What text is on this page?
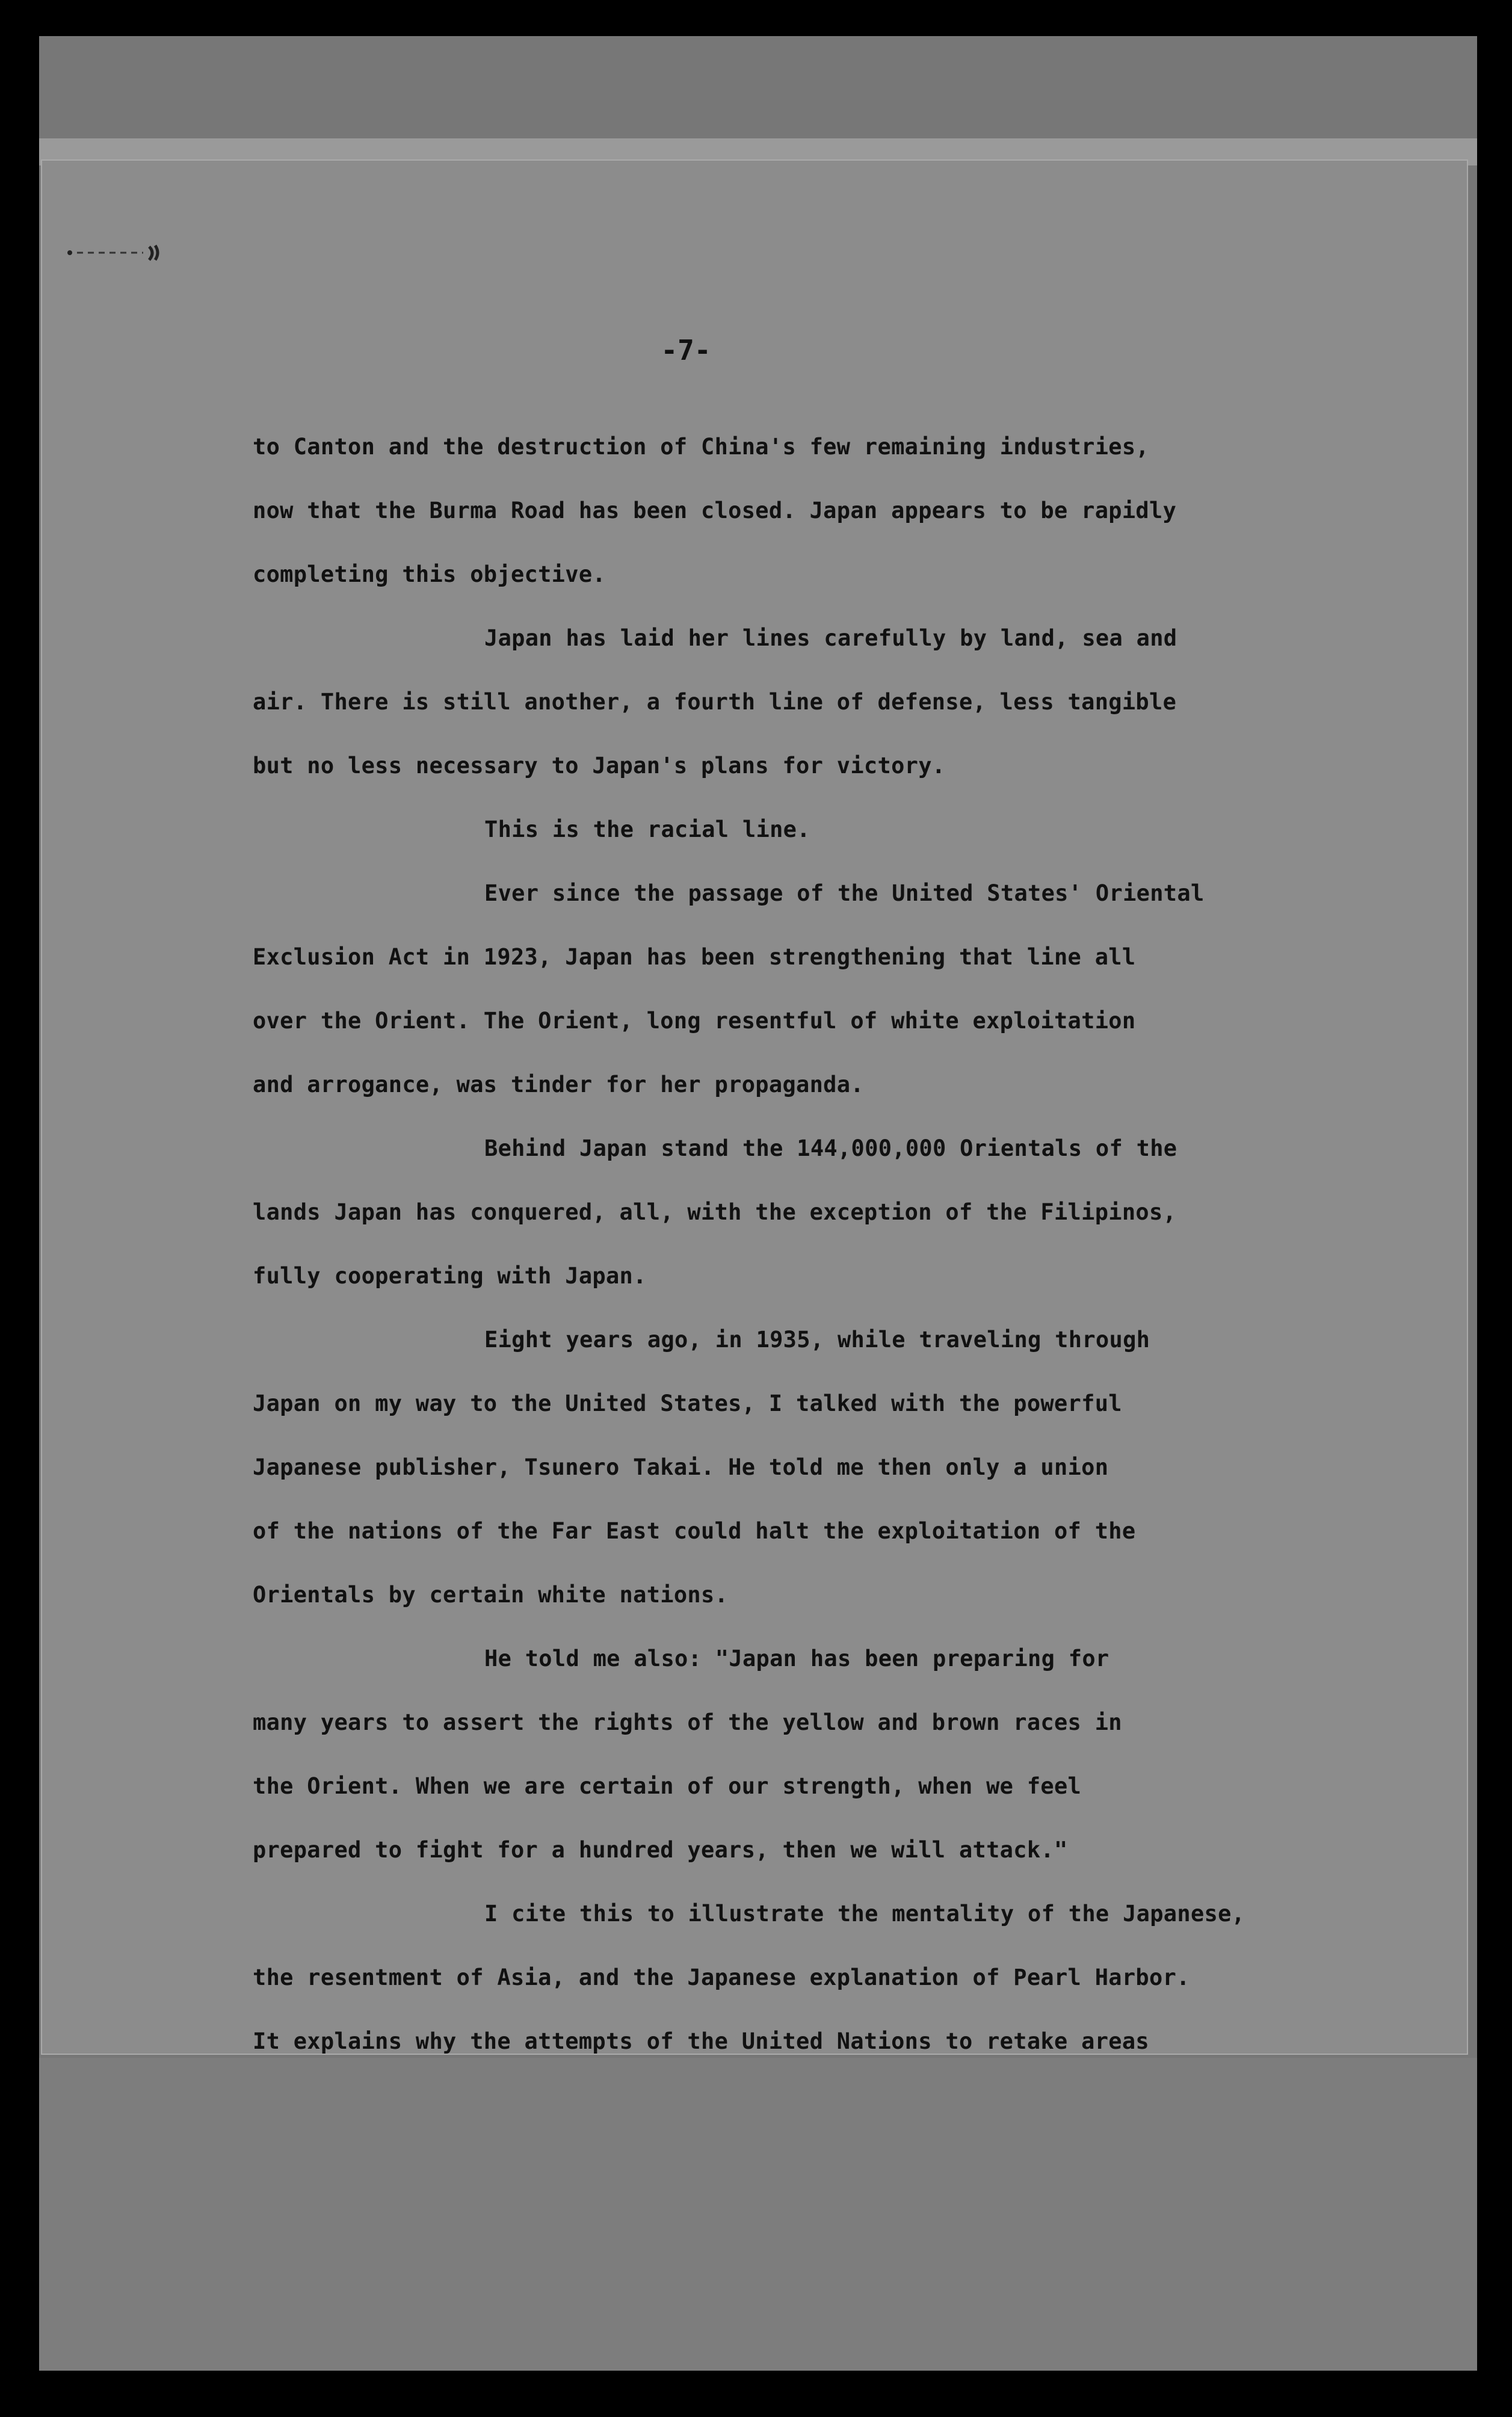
-7-
to Canton and the destruction of China's few remaining industries,
now that the Burma Road has been closed. Japan appears to be rapidly
completing this objective.
Japan has laid her lines carefully by land, sea and
air. There is still another, a fourth line of defense, less tangible
but no less necessary to Japan's plans for victory.
This is the racial line.
Ever since the passage of the United States' Oriental
Exclusion Act in 1923, Japan has been strengthening that line all
over the Orient. The Orient, long resentful of white exploitation
and arrogance, was tinder for her propaganda.
Behind Japan stand the 144,000,000 Orientals of the
lands Japan has conquered, all, with the exception of the Filipinos,
fully cooperating with Japan.
Eight years ago, in 1935, while traveling through
Japan on my way to the United States, I talked with the powerful
Japanese publisher, Tsunero Takai. He told me then only a union
of the nations of the Far East could halt the exploitation of the
Orientals by certain white nations.
He told me also: "Japan has been preparing for
many years to assert the rights of the yellow and brown races in
the Orient. When we are certain of our strength, when we feel
prepared to fight for a hundred years, then we will attack."
I cite this to illustrate the mentality of the Japanese,
the resentment of Asia, and the Japanese explanation of Pearl Harbor.
It explains why the attempts of the United Nations to retake areas
